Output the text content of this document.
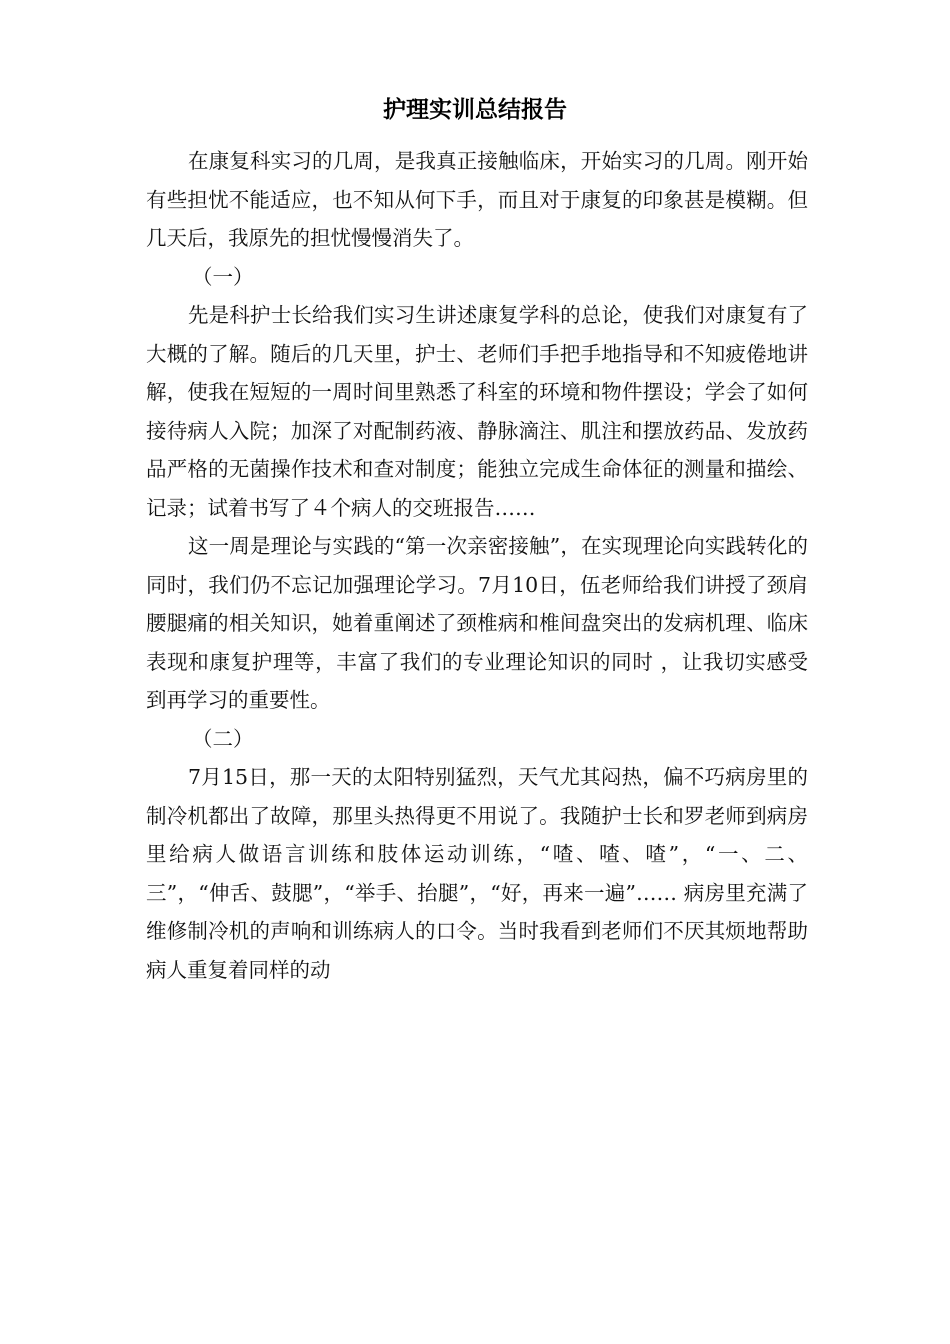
护理实训总结报告

在康复科实习的几周，是我真正接触临床，开始实习的几周。刚开始有些担忧不能适应，也不知从何下手，而且对于康复的印象甚是模糊。但几天后，我原先的担忧慢慢消失了。

（一）

先是科护士长给我们实习生讲述康复学科的总论，使我们对康复有了大概的了解。随后的几天里，护士、老师们手把手地指导和不知疲倦地讲解，使我在短短的一周时间里熟悉了科室的环境和物件摆设；学会了如何接待病人入院；加深了对配制药液、静脉滴注、肌注和摆放药品、发放药品严格的无菌操作技术和查对制度；能独立完成生命体征的测量和描绘、记录；试着书写了４个病人的交班报告……

这一周是理论与实践的“第一次亲密接触”，在实现理论向实践转化的同时，我们仍不忘记加强理论学习。7月10日，伍老师给我们讲授了颈肩腰腿痛的相关知识，她着重阐述了颈椎病和椎间盘突出的发病机理、临床表现和康复护理等，丰富了我们的专业理论知识的同时 ，让我切实感受到再学习的重要性。

（二）

7月15日，那一天的太阳特别猛烈，天气尤其闷热，偏不巧病房里的制冷机都出了故障，那里头热得更不用说了。我随护士长和罗老师到病房里给病人做语言训练和肢体运动训练，“喳、喳、喳”，“一、二、三”，“伸舌、鼓腮”，“举手、抬腿”，“好，再来一遍”…… 病房里充满了维修制冷机的声响和训练病人的口令。当时我看到老师们不厌其烦地帮助病人重复着同样的动
